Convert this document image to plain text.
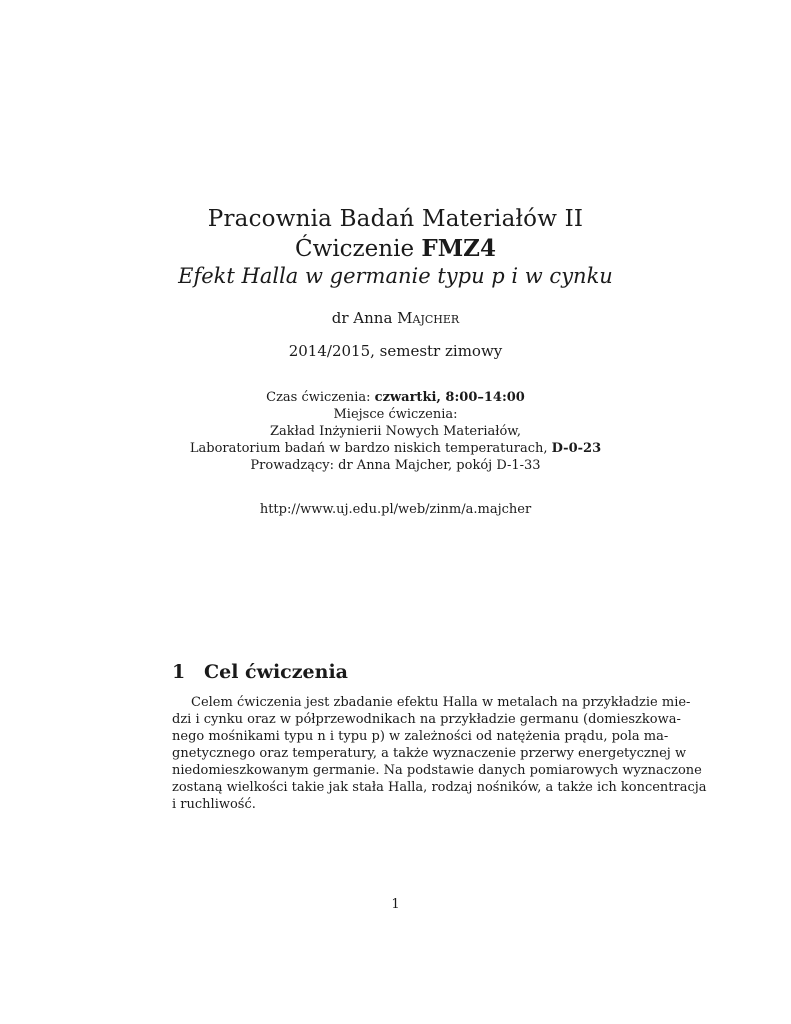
Pracownia Badań Materiałów II
Ćwiczenie FMZ4
Efekt Halla w germanie typu p i w cynku
dr Anna Majcher
2014/2015, semestr zimowy
Czas ćwiczenia: czwartki, 8:00–14:00
Miejsce ćwiczenia:
Zakład Inżynierii Nowych Materiałów,
Laboratorium badań w bardzo niskich temperaturach, D-0-23
Prowadzący: dr Anna Majcher, pokój D-1-33
http://www.uj.edu.pl/web/zinm/a.majcher
1 Cel ćwiczenia
Celem ćwiczenia jest zbadanie efektu Halla w metalach na przykładzie mie-
dzi i cynku oraz w półprzewodnikach na przykładzie germanu (domieszkowa-
nego mośnikami typu n i typu p) w zależności od natężenia prądu, pola ma-
gnetycznego oraz temperatury, a także wyznaczenie przerwy energetycznej w
niedomieszkowanym germanie. Na podstawie danych pomiarowych wyznaczone
zostaną wielkości takie jak stała Halla, rodzaj nośników, a także ich koncentracja
i ruchliwość.
1
